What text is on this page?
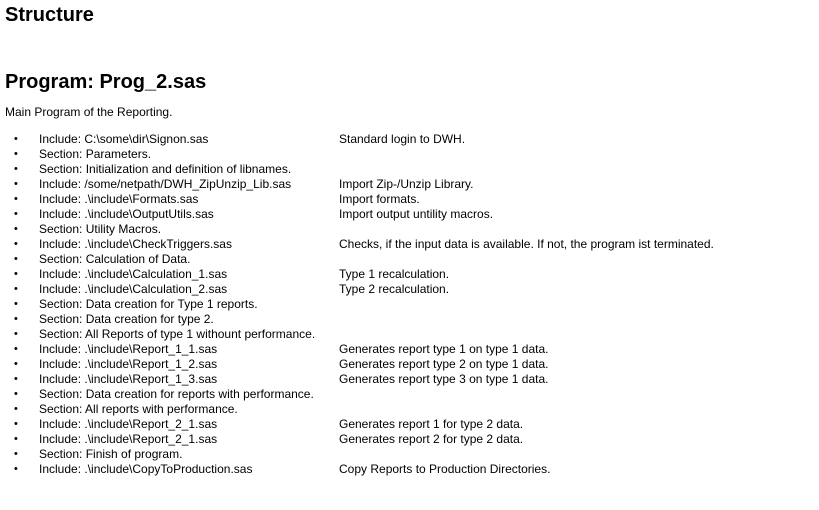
Structure
Program: Prog_2.sas

Main Program of the Reporting.

• Include: C:\some\dir\Signon.sas	Standard login to DWH.
• Section: Parameters.
• Section: Initialization and definition of libnames.
• Include: /some/netpath/DWH_ZipUnzip_Lib.sas	Import Zip-/Unzip Library.
• Include: .\include\Formats.sas	Import formats.
• Include: .\include\OutputUtils.sas	Import output untility macros.
• Section: Utility Macros.
• Include: .\include\CheckTriggers.sas	Checks, if the input data is available. If not, the program ist terminated.
• Section: Calculation of Data.
• Include: .\include\Calculation_1.sas	Type 1 recalculation.
• Include: .\include\Calculation_2.sas	Type 2 recalculation.
• Section: Data creation for Type 1 reports.
• Section: Data creation for type 2.
• Section: All Reports of type 1 withount performance.
• Include: .\include\Report_1_1.sas	Generates report type 1 on type 1 data.
• Include: .\include\Report_1_2.sas	Generates report type 2 on type 1 data.
• Include: .\include\Report_1_3.sas	Generates report type 3 on type 1 data.
• Section: Data creation for reports with performance.
• Section: All reports with performance.
• Include: .\include\Report_2_1.sas	Generates report 1 for type 2 data.
• Include: .\include\Report_2_1.sas	Generates report 2 for type 2 data.
• Section: Finish of program.
• Include: .\include\CopyToProduction.sas	Copy Reports to Production Directories.
